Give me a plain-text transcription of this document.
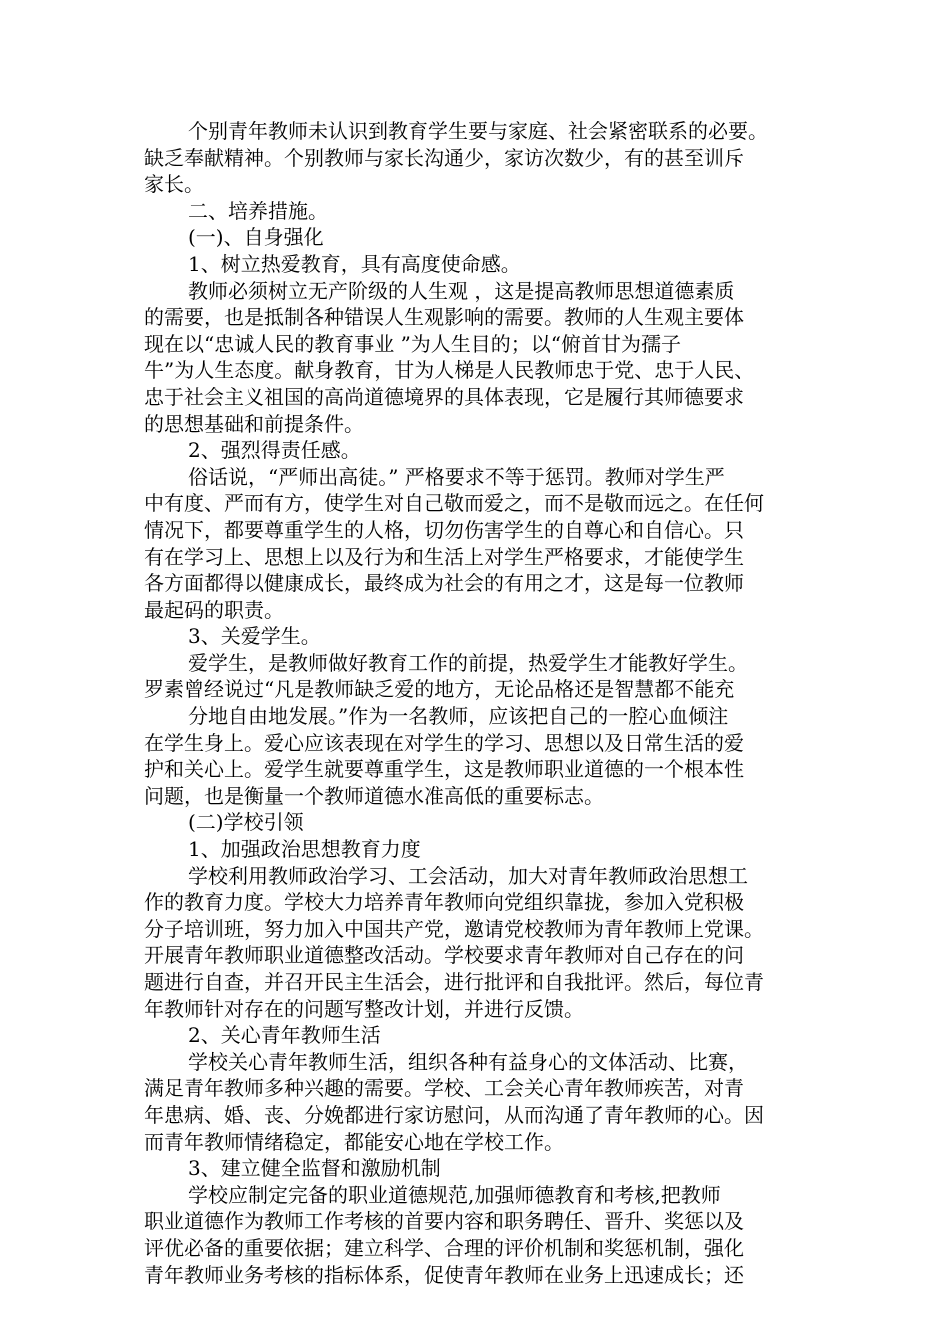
个别青年教师未认识到教育学生要与家庭、社会紧密联系的必要。
缺乏奉献精神。个别教师与家长沟通少，家访次数少，有的甚至训斥
家长。
二、培养措施。
(一)、自身强化
1、树立热爱教育，具有高度使命感。
教师必须树立无产阶级的人生观 ，这是提高教师思想道德素质
的需要，也是抵制各种错误人生观影响的需要。教师的人生观主要体
现在以“忠诚人民的教育事业 ”为人生目的；以“俯首甘为孺子
牛”为人生态度。献身教育，甘为人梯是人民教师忠于党、忠于人民、
忠于社会主义祖国的高尚道德境界的具体表现，它是履行其师德要求
的思想基础和前提条件。
2、强烈得责任感。
俗话说，“严师出高徒。” 严格要求不等于惩罚。教师对学生严
中有度、严而有方，使学生对自己敬而爱之，而不是敬而远之。在任何
情况下，都要尊重学生的人格，切勿伤害学生的自尊心和自信心。只
有在学习上、思想上以及行为和生活上对学生严格要求，才能使学生
各方面都得以健康成长，最终成为社会的有用之才，这是每一位教师
最起码的职责。
3、关爱学生。
爱学生，是教师做好教育工作的前提，热爱学生才能教好学生。
罗素曾经说过“凡是教师缺乏爱的地方，无论品格还是智慧都不能充
分地自由地发展。”作为一名教师，应该把自己的一腔心血倾注
在学生身上。爱心应该表现在对学生的学习、思想以及日常生活的爱
护和关心上。爱学生就要尊重学生，这是教师职业道德的一个根本性
问题，也是衡量一个教师道德水准高低的重要标志。
(二)学校引领
1、加强政治思想教育力度
学校利用教师政治学习、工会活动，加大对青年教师政治思想工
作的教育力度。学校大力培养青年教师向党组织靠拢，参加入党积极
分子培训班，努力加入中国共产党，邀请党校教师为青年教师上党课。
开展青年教师职业道德整改活动。学校要求青年教师对自己存在的问
题进行自查，并召开民主生活会，进行批评和自我批评。然后，每位青
年教师针对存在的问题写整改计划，并进行反馈。
2、关心青年教师生活
学校关心青年教师生活，组织各种有益身心的文体活动、比赛，
满足青年教师多种兴趣的需要。学校、工会关心青年教师疾苦，对青
年患病、婚、丧、分娩都进行家访慰问，从而沟通了青年教师的心。因
而青年教师情绪稳定，都能安心地在学校工作。
3、建立健全监督和激励机制
学校应制定完备的职业道德规范,加强师德教育和考核,把教师
职业道德作为教师工作考核的首要内容和职务聘任、晋升、奖惩以及
评优必备的重要依据；建立科学、合理的评价机制和奖惩机制，强化
青年教师业务考核的指标体系，促使青年教师在业务上迅速成长；还
